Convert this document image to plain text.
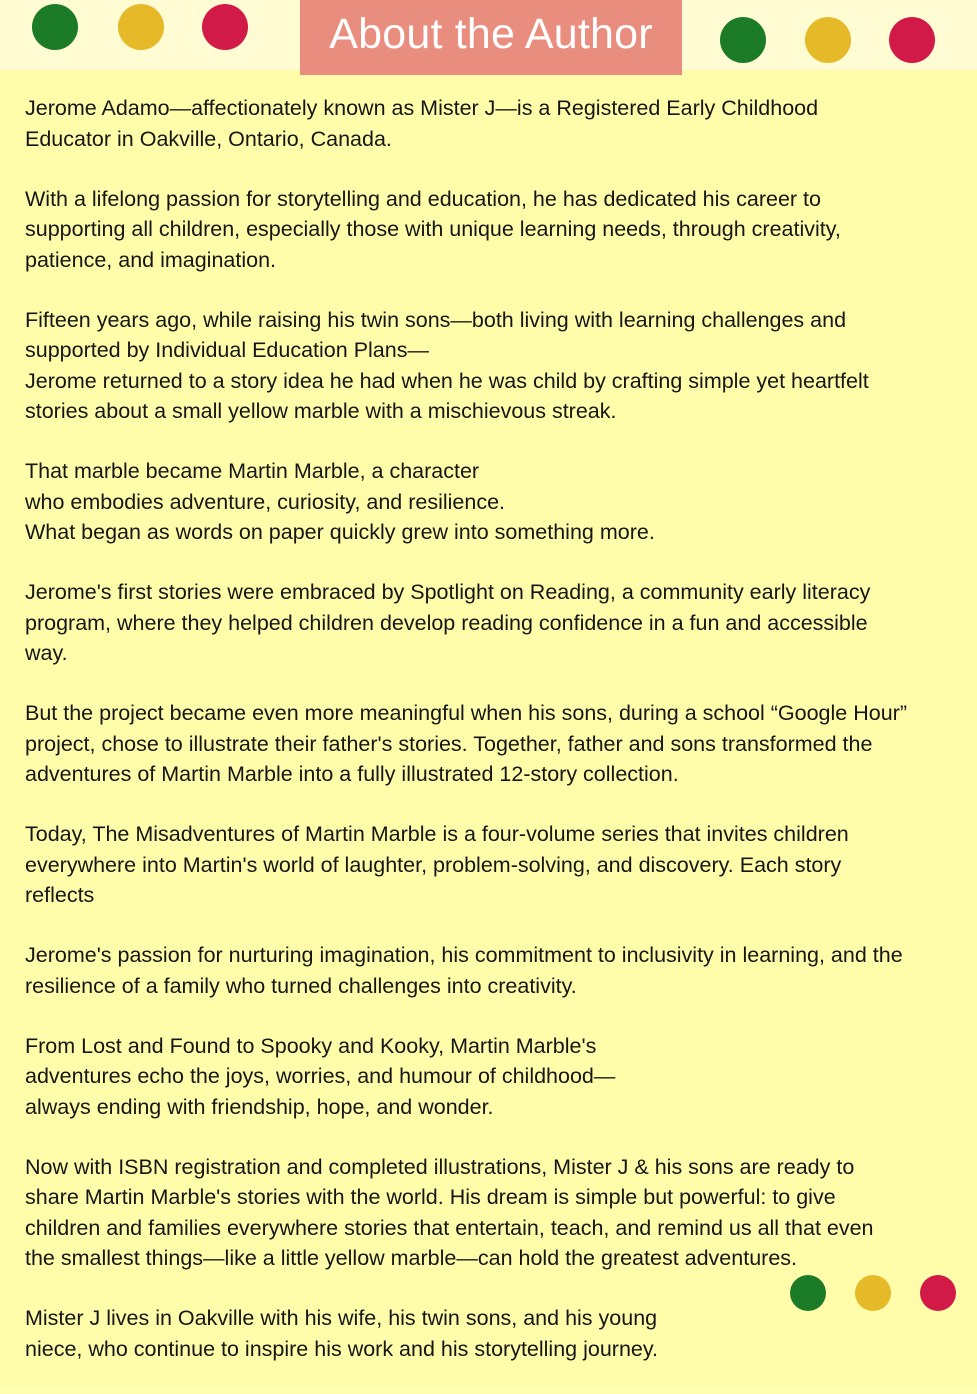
About the Author
Jerome Adamo—affectionately known as Mister J—is a Registered Early Childhood
Educator in Oakville, Ontario, Canada.
With a lifelong passion for storytelling and education, he has dedicated his career to
supporting all children, especially those with unique learning needs, through creativity,
patience, and imagination.
Fifteen years ago, while raising his twin sons—both living with learning challenges and
supported by Individual Education Plans—
Jerome returned to a story idea he had when he was child by crafting simple yet heartfelt
stories about a small yellow marble with a mischievous streak.
That marble became Martin Marble, a character
who embodies adventure, curiosity, and resilience.
What began as words on paper quickly grew into something more.
Jerome's first stories were embraced by Spotlight on Reading, a community early literacy
program, where they helped children develop reading confidence in a fun and accessible
way.
But the project became even more meaningful when his sons, during a school “Google Hour”
project, chose to illustrate their father's stories. Together, father and sons transformed the
adventures of Martin Marble into a fully illustrated 12-story collection.
Today, The Misadventures of Martin Marble is a four-volume series that invites children
everywhere into Martin's world of laughter, problem-solving, and discovery. Each story
reflects
Jerome's passion for nurturing imagination, his commitment to inclusivity in learning, and the
resilience of a family who turned challenges into creativity.
From Lost and Found to Spooky and Kooky, Martin Marble's
adventures echo the joys, worries, and humour of childhood—
always ending with friendship, hope, and wonder.
Now with ISBN registration and completed illustrations, Mister J & his sons are ready to
share Martin Marble's stories with the world. His dream is simple but powerful: to give
children and families everywhere stories that entertain, teach, and remind us all that even
the smallest things—like a little yellow marble—can hold the greatest adventures.
Mister J lives in Oakville with his wife, his twin sons, and his young
niece, who continue to inspire his work and his storytelling journey.
